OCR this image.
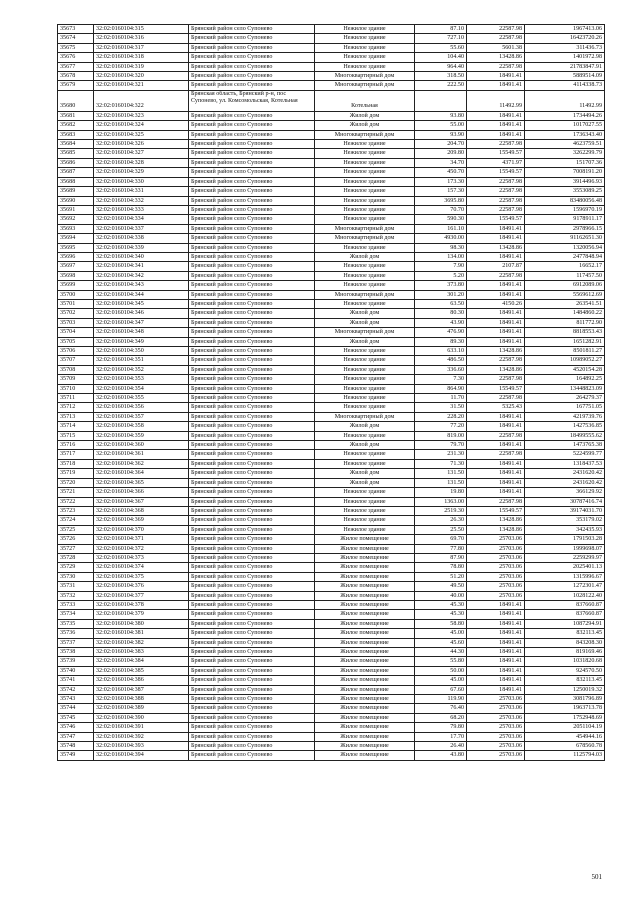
35673	32:02:0160104:315	Брянский район село Супонево	Нежилое здание	87.10	22587.98	1967413.06
35674	32:02:0160104:316	Брянский район село Супонево	Нежилое здание	727.10	22587.98	16423720.26
35675	32:02:0160104:317	Брянский район село Супонево	Нежилое здание	55.60	5601.38	311436.73
35676	32:02:0160104:318	Брянский район село Супонево	Нежилое здание	104.40	13428.86	1401972.98
35677	32:02:0160104:319	Брянский район село Супонево	Нежилое здание	964.40	22587.98	21783847.91
35678	32:02:0160104:320	Брянский район село Супонево	Многоквартирный дом	318.50	18491.41	5889514.09
35679	32:02:0160104:321	Брянский район село Супонево	Многоквартирный дом	222.50	18491.41	4114338.73
35680	32:02:0160104:322	Брянская область, Брянский р-н, пос Супонево, ул. Комсомольская, Котельная	Котельная		11492.99	11492.99
35681	32:02:0160104:323	Брянский район село Супонево	Жилой дом	93.80	18491.41	1734494.26
35682	32:02:0160104:324	Брянский район село Супонево	Жилой дом	55.00	18491.41	1017027.55
35683	32:02:0160104:325	Брянский район село Супонево	Многоквартирный дом	93.90	18491.41	1736343.40
35684	32:02:0160104:326	Брянский район село Супонево	Нежилое здание	204.70	22587.98	4623759.51
35685	32:02:0160104:327	Брянский район село Супонево	Нежилое здание	209.80	15549.57	3262299.79
35686	32:02:0160104:328	Брянский район село Супонево	Нежилое здание	34.70	4371.97	151707.36
35687	32:02:0160104:329	Брянский район село Супонево	Нежилое здание	450.70	15549.57	7008191.20
35688	32:02:0160104:330	Брянский район село Супонево	Нежилое здание	173.30	22587.98	3914496.93
35689	32:02:0160104:331	Брянский район село Супонево	Нежилое здание	157.30	22587.98	3553089.25
35690	32:02:0160104:332	Брянский район село Супонево	Нежилое здание	3695.80	22587.98	83480056.48
35691	32:02:0160104:333	Брянский район село Супонево	Нежилое здание	70.70	22587.98	1596970.19
35692	32:02:0160104:334	Брянский район село Супонево	Нежилое здание	590.30	15549.57	9178911.17
35693	32:02:0160104:337	Брянский район село Супонево	Многоквартирный дом	161.10	18491.41	2978966.15
35694	32:02:0160104:338	Брянский район село Супонево	Многоквартирный дом	4930.00	18491.41	91162651.30
35695	32:02:0160104:339	Брянский район село Супонево	Нежилое здание	98.30	13428.86	1320056.94
35696	32:02:0160104:340	Брянский район село Супонево	Жилой дом	134.00	18491.41	2477848.94
35697	32:02:0160104:341	Брянский район село Супонево	Нежилое здание	7.90	2107.87	16652.17
35698	32:02:0160104:342	Брянский район село Супонево	Нежилое здание	5.20	22587.98	117457.50
35699	32:02:0160104:343	Брянский район село Супонево	Нежилое здание	373.80	18491.41	6912089.06
35700	32:02:0160104:344	Брянский район село Супонево	Многоквартирный дом	301.20	18491.41	5569612.69
35701	32:02:0160104:345	Брянский район село Супонево	Нежилое здание	63.50	4150.26	263541.51
35702	32:02:0160104:346	Брянский район село Супонево	Жилой дом	80.30	18491.41	1484860.22
35703	32:02:0160104:347	Брянский район село Супонево	Жилой дом	43.90	18491.41	811772.90
35704	32:02:0160104:348	Брянский район село Супонево	Многоквартирный дом	476.90	18491.41	8818553.43
35705	32:02:0160104:349	Брянский район село Супонево	Жилой дом	89.30	18491.41	1651282.91
35706	32:02:0160104:350	Брянский район село Супонево	Нежилое здание	633.10	13428.86	8501811.27
35707	32:02:0160104:351	Брянский район село Супонево	Нежилое здание	486.50	22587.98	10989052.27
35708	32:02:0160104:352	Брянский район село Супонево	Нежилое здание	336.60	13428.86	4520154.28
35709	32:02:0160104:353	Брянский район село Супонево	Нежилое здание	7.30	22587.98	164892.25
35710	32:02:0160104:354	Брянский район село Супонево	Нежилое здание	864.90	15549.57	13448823.09
35711	32:02:0160104:355	Брянский район село Супонево	Нежилое здание	11.70	22587.98	264279.37
35712	32:02:0160104:356	Брянский район село Супонево	Нежилое здание	31.50	5325.43	167751.05
35713	32:02:0160104:357	Брянский район село Супонево	Многоквартирный дом	228.20	18491.41	4219739.76
35714	32:02:0160104:358	Брянский район село Супонево	Жилой дом	77.20	18491.41	1427536.85
35715	32:02:0160104:359	Брянский район село Супонево	Нежилое здание	819.00	22587.98	18499555.62
35716	32:02:0160104:360	Брянский район село Супонево	Жилой дом	79.70	18491.41	1473765.38
35717	32:02:0160104:361	Брянский район село Супонево	Нежилое здание	231.30	22587.98	5224599.77
35718	32:02:0160104:362	Брянский район село Супонево	Нежилое здание	71.30	18491.41	1318437.53
35719	32:02:0160104:364	Брянский район село Супонево	Жилой дом	131.50	18491.41	2431620.42
35720	32:02:0160104:365	Брянский район село Супонево	Жилой дом	131.50	18491.41	2431620.42
35721	32:02:0160104:366	Брянский район село Супонево	Нежилое здание	19.80	18491.41	366129.92
35722	32:02:0160104:367	Брянский район село Супонево	Нежилое здание	1363.00	22587.98	30787416.74
35723	32:02:0160104:368	Брянский район село Супонево	Нежилое здание	2519.30	15549.57	39174031.70
35724	32:02:0160104:369	Брянский район село Супонево	Нежилое здание	26.30	13428.86	353179.02
35725	32:02:0160104:370	Брянский район село Супонево	Нежилое здание	25.50	13428.86	342435.93
35726	32:02:0160104:371	Брянский район село Супонево	Жилое помещение	69.70	25703.06	1791503.28
35727	32:02:0160104:372	Брянский район село Супонево	Жилое помещение	77.80	25703.06	1999698.07
35728	32:02:0160104:373	Брянский район село Супонево	Жилое помещение	87.90	25703.06	2259299.97
35729	32:02:0160104:374	Брянский район село Супонево	Жилое помещение	78.80	25703.06	2025401.13
35730	32:02:0160104:375	Брянский район село Супонево	Жилое помещение	51.20	25703.06	1315996.67
35731	32:02:0160104:376	Брянский район село Супонево	Жилое помещение	49.50	25703.06	1272301.47
35732	32:02:0160104:377	Брянский район село Супонево	Жилое помещение	40.00	25703.06	1028122.40
35733	32:02:0160104:378	Брянский район село Супонево	Жилое помещение	45.30	18491.41	837660.87
35734	32:02:0160104:379	Брянский район село Супонево	Жилое помещение	45.30	18491.41	837660.87
35735	32:02:0160104:380	Брянский район село Супонево	Жилое помещение	58.80	18491.41	1087294.91
35736	32:02:0160104:381	Брянский район село Супонево	Жилое помещение	45.00	18491.41	832113.45
35737	32:02:0160104:382	Брянский район село Супонево	Жилое помещение	45.60	18491.41	843208.30
35738	32:02:0160104:383	Брянский район село Супонево	Жилое помещение	44.30	18491.41	819169.46
35739	32:02:0160104:384	Брянский район село Супонево	Жилое помещение	55.80	18491.41	1031820.68
35740	32:02:0160104:385	Брянский район село Супонево	Жилое помещение	50.00	18491.41	924570.50
35741	32:02:0160104:386	Брянский район село Супонево	Жилое помещение	45.00	18491.41	832113.45
35742	32:02:0160104:387	Брянский район село Супонево	Жилое помещение	67.60	18491.41	1250019.32
35743	32:02:0160104:388	Брянский район село Супонево	Жилое помещение	119.90	25703.06	3081796.89
35744	32:02:0160104:389	Брянский район село Супонево	Жилое помещение	76.40	25703.06	1963713.78
35745	32:02:0160104:390	Брянский район село Супонево	Жилое помещение	68.20	25703.06	1752948.69
35746	32:02:0160104:391	Брянский район село Супонево	Жилое помещение	79.80	25703.06	2051104.19
35747	32:02:0160104:392	Брянский район село Супонево	Жилое помещение	17.70	25703.06	454944.16
35748	32:02:0160104:393	Брянский район село Супонево	Жилое помещение	26.40	25703.06	678560.78
35749	32:02:0160104:394	Брянский район село Супонево	Жилое помещение	43.80	25703.06	1125794.03
501
